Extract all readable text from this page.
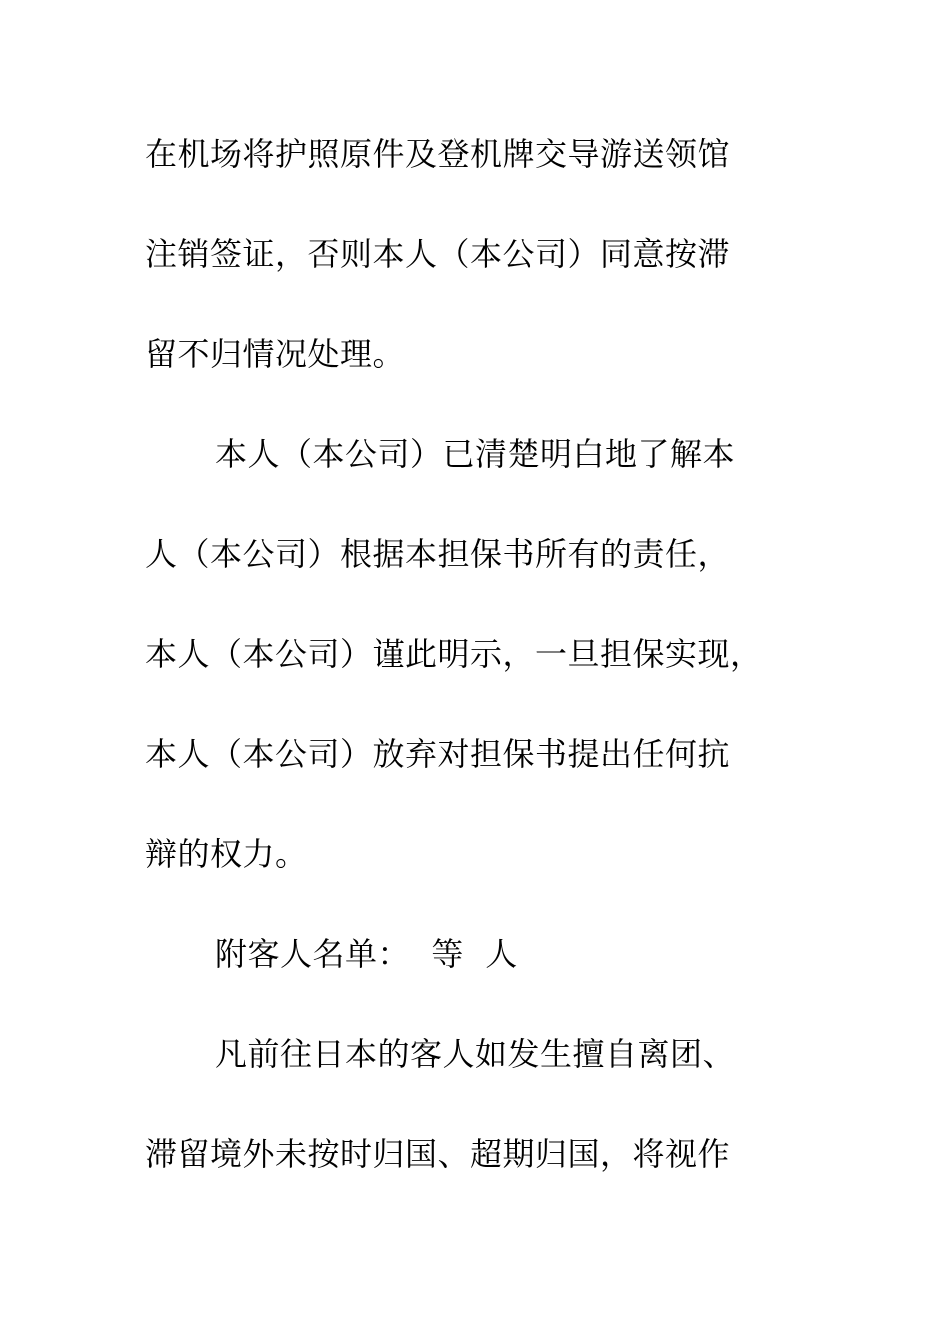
在机场将护照原件及登机牌交导游送领馆
注销签证，否则本人（本公司）同意按滞
留不归情况处理。
本人（本公司）已清楚明白地了解本
人（本公司）根据本担保书所有的责任，
本人（本公司）谨此明示，一旦担保实现，
本人（本公司）放弃对担保书提出任何抗
辩的权力。
附客人名单：  等  人
凡前往日本的客人如发生擅自离团、
滞留境外未按时归国、超期归国，将视作
